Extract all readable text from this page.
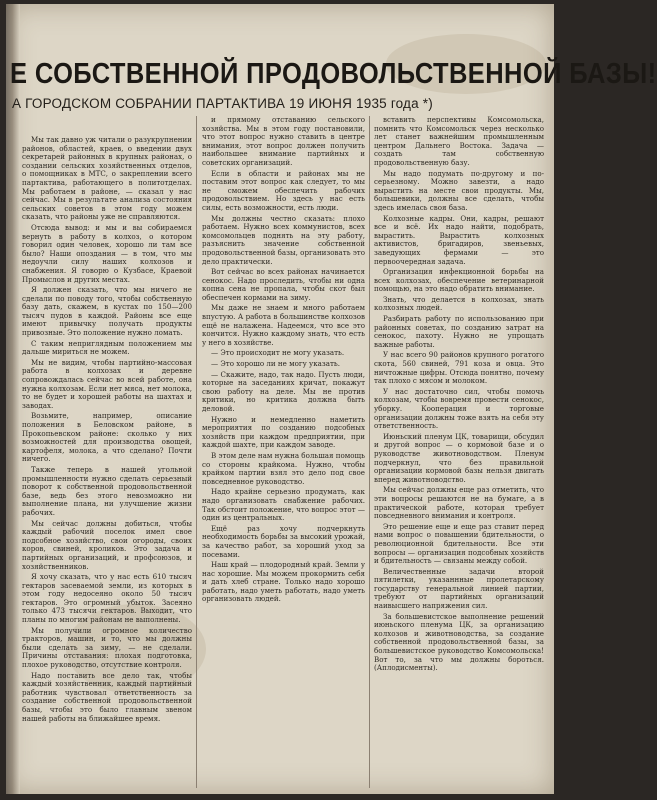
Е СОБСТВЕННОЙ ПРОДОВОЛЬСТВЕННОЙ БАЗЫ!
А ГОРОДСКОМ СОБРАНИИ ПАРТАКТИВА 19 ИЮНЯ 1935 года *)

Мы так давно уж читали о разукрупнении районов, областей, краев, о введении двух секретарей районных в крупных районах, о создании сельских хозяйственных отделов, о помощниках в МТС, о закреплении всего партактива, работающего в политотделах. Мы работаем в районе, — сказал у нас сейчас. Мы в результате анализа состояния сельских советов в этом году можем сказать, что районы уже не справляются.

Отсюда вывод: и мы и вы собираемся вернуть в работу в колхоз, о котором говорил один человек, хорошо ли там все было? Наши опоздания — в том, что мы недоучли силу наших колхозов и снабжения. Я говорю о Кузбасе, Краевой Промыслов и других местах.

Я должен сказать, что мы ничего не сделали по поводу того, чтобы собственную базу дать, скажем, в кустах по 150—200 тысяч пудов в каждой. Районы все еще имеют привычку получать продукты привозные. Это положение нужно ломать.

С таким неприглядным положением мы дальше мириться не можем.

Мы не видим, чтобы партийно-массовая работа в колхозах и деревне сопровождалась сейчас во всей работе, она нужна колхозам. Если нет мяса, нет молока, то не будет и хорошей работы на шахтах и заводах.

Возьмите, например, описание положения в Беловском районе, в Прокопьевском районе: сколько у них возможностей для производства овощей, картофеля, молока, а что сделано? Почти ничего.

Также теперь в нашей угольной промышленности нужно сделать серьезный поворот к собственной продовольственной базе, ведь без этого невозможно ни выполнение плана, ни улучшение жизни рабочих.

Мы сейчас должны добиться, чтобы каждый рабочий поселок имел свое подсобное хозяйство, свои огороды, своих коров, свиней, кроликов. Это задача и партийных организаций, и профсоюзов, и хозяйственников.

Я хочу сказать, что у нас есть 610 тысяч гектаров засеваемой земли, из которых в этом году недосеяно около 50 тысяч гектаров. Это огромный убыток. Засеяно только 473 тысячи гектаров. Выходит, что планы по многим районам не выполнены.

Мы получили огромное количество тракторов, машин, и то, что мы должны были сделать за зиму, — не сделали. Причины отставания: плохая подготовка, плохое руководство, отсутствие контроля.

Надо поставить все дело так, чтобы каждый хозяйственник, каждый партийный работник чувствовал ответственность за создание собственной продовольственной базы, чтобы это было главным звеном нашей работы на ближайшее время.

и прямому отставанию сельского хозяйства. Мы в этом году постановили, что этот вопрос нужно ставить в центре внимания, этот вопрос должен получить наибольшее внимание партийных и советских организаций.

Если в области и районах мы не поставим этот вопрос как следует, то мы не сможем обеспечить рабочих продовольствием. Но здесь у нас есть силы, есть возможности, есть люди.

Мы должны честно сказать: плохо работаем. Нужно всех коммунистов, всех комсомольцев поднять на эту работу, разъяснить значение собственной продовольственной базы, организовать это дело практически.

Вот сейчас во всех районах начинается сенокос. Надо проследить, чтобы ни одна копна сена не пропала, чтобы скот был обеспечен кормами на зиму.

Мы даже не знаем и много работаем впустую. А работа в большинстве колхозов ещё не налажена. Надеемся, что все это кончится. Нужно каждому знать, что есть у него в хозяйстве.

— Это происходит не могу указать.

— Это хорошо ли не могу указать.

— Скажите, надо, так надо. Пусть люди, которые на заседаниях кричат, покажут свою работу на деле. Мы не против критики, но критика должна быть деловой.

Нужно и немедленно наметить мероприятия по созданию подсобных хозяйств при каждом предприятии, при каждой шахте, при каждом заводе.

В этом деле нам нужна большая помощь со стороны крайкома. Нужно, чтобы крайком партии взял это дело под свое повседневное руководство.

Надо крайне серьезно продумать, как надо организовать снабжение рабочих. Так обстоит положение, что вопрос этот — один из центральных.

Ещё раз хочу подчеркнуть необходимость борьбы за высокий урожай, за качество работ, за хороший уход за посевами.

Наш край — плодородный край. Земли у нас хорошие. Мы можем прокормить себя и дать хлеб стране. Только надо хорошо работать, надо уметь работать, надо уметь организовать людей.

вставить перспективы Комсомольска, помнить что Комсомольск через несколько лет станет важнейшим промышленным центром Дальнего Востока. Задача — создать там собственную продовольственную базу.

Мы надо подумать по-другому и по-серьезному. Можно завезти, а надо вырастить на месте свои продукты. Мы, большевики, должны все сделать, чтобы здесь имелась своя база.

Колхозные кадры. Они, кадры, решают все и всё. Их надо найти, подобрать, вырастить. Вырастить колхозных активистов, бригадиров, звеньевых, заведующих фермами — это первоочередная задача.

Организация инфекционной борьбы на всех колхозах, обеспечение ветеринарной помощью, на это надо обратить внимание.

Знать, что делается в колхозах, знать колхозных людей.

Разбирать работу по использованию при районных советах, по созданию затрат на сенокос, пахоту. Нужно не упрощать важные работы.

У нас всего 90 районов крупного рогатого скота, 560 свиней, 791 коза и овца. Это ничтожные цифры. Отсюда понятно, почему так плохо с мясом и молоком.

У нас достаточно сил, чтобы помочь колхозам, чтобы вовремя провести сенокос, уборку. Кооперация и торговые организации должны тоже взять на себя эту ответственность.

Июньский пленум ЦК, товарищи, обсудил и другой вопрос — о кормовой базе и о руководстве животноводством. Пленум подчеркнул, что без правильной организации кормовой базы нельзя двигать вперед животноводство.

Мы сейчас должны еще раз отметить, что эти вопросы решаются не на бумаге, а в практической работе, которая требует повседневного внимания и контроля.

Это решение еще и еще раз ставит перед нами вопрос о повышении бдительности, о революционной бдительности. Все эти вопросы — организация подсобных хозяйств и бдительность — связаны между собой.

Величественные задачи второй пятилетки, указаннные пролетарскому государству генеральной линией партии, требуют от партийных организаций наивысшего напряжения сил.

За большевистское выполнение решений июньского пленума ЦК, за организацию колхозов и животноводства, за создание собственной продовольственной базы, за большевистское руководство Комсомольска! Вот то, за что мы должны бороться. (Аплодисменты).
